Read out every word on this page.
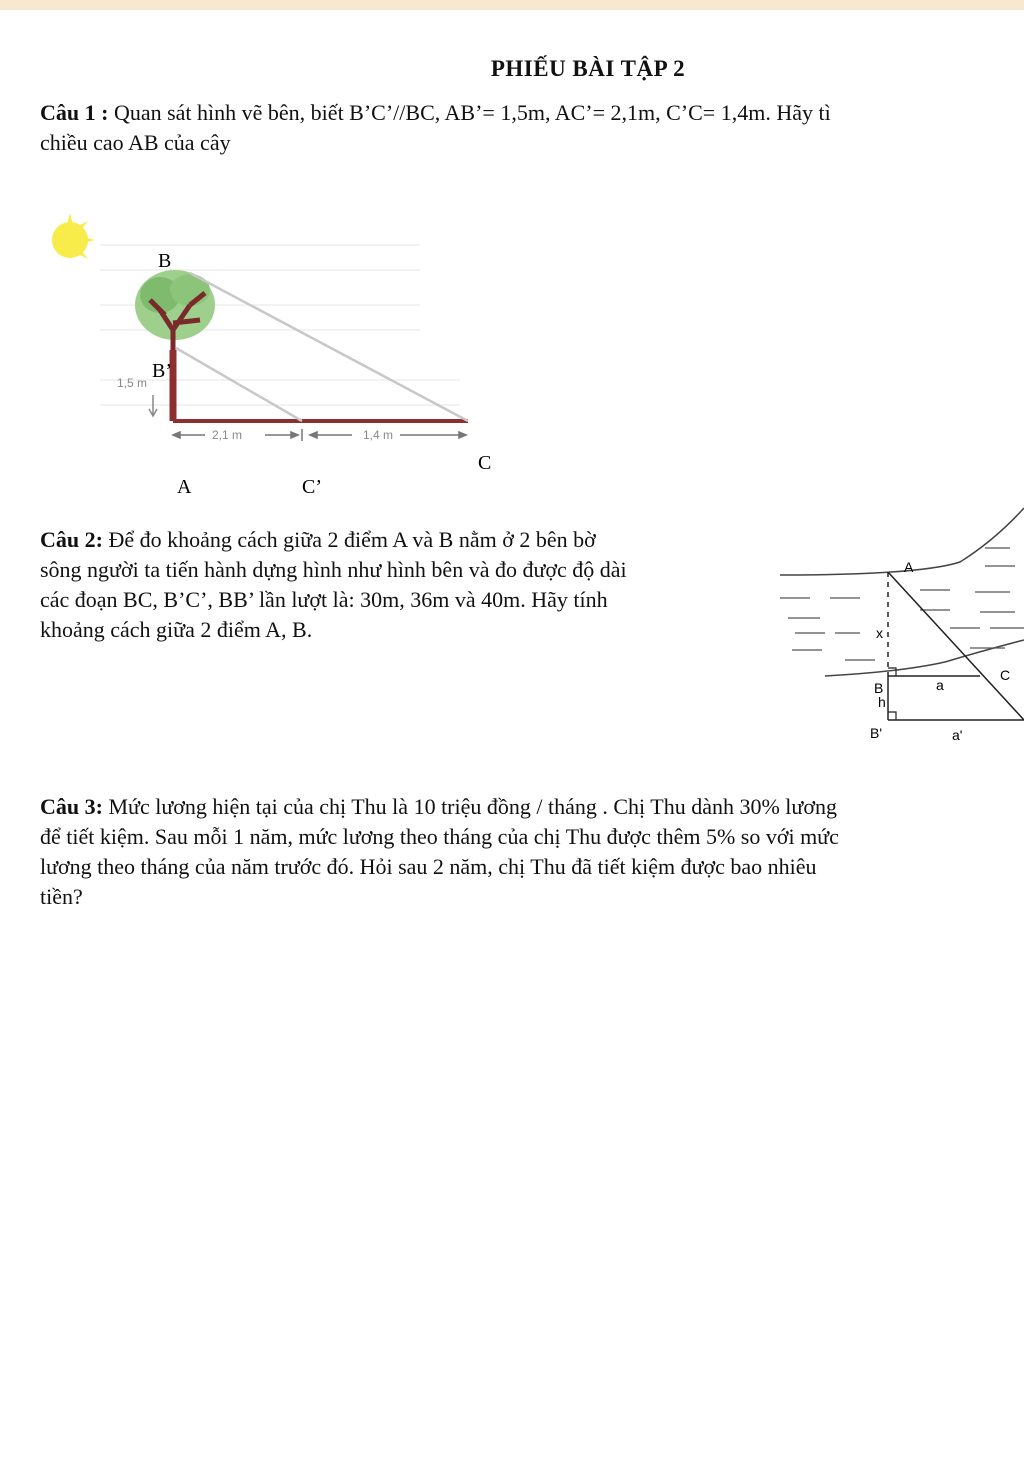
PHIẾU BÀI TẬP 2
Câu 1 : Quan sát hình vẽ bên, biết B’C’//BC, AB’= 1,5m, AC’= 2,1m, C’C= 1,4m. Hãy tì
chiều cao AB của cây
2,1 m	1,4 m
1,5 m
B
B’
C
A	C’
Câu 2: Để đo khoảng cách giữa 2 điểm A và B nằm ở 2 bên bờ
sông người ta tiến hành dựng hình như hình bên và đo được độ dài
các đoạn BC, B’C’, BB’ lần lượt là: 30m, 36m và 40m. Hãy tính
khoảng cách giữa 2 điểm A, B.
A
x
B
h
a
C
B'	a'
Câu 3: Mức lương hiện tại của chị Thu là 10 triệu đồng / tháng . Chị Thu dành 30% lương
để tiết kiệm. Sau mỗi 1 năm, mức lương theo tháng của chị Thu được thêm 5% so với mức
lương theo tháng của năm trước đó. Hỏi sau 2 năm, chị Thu đã tiết kiệm được bao nhiêu
tiền?
